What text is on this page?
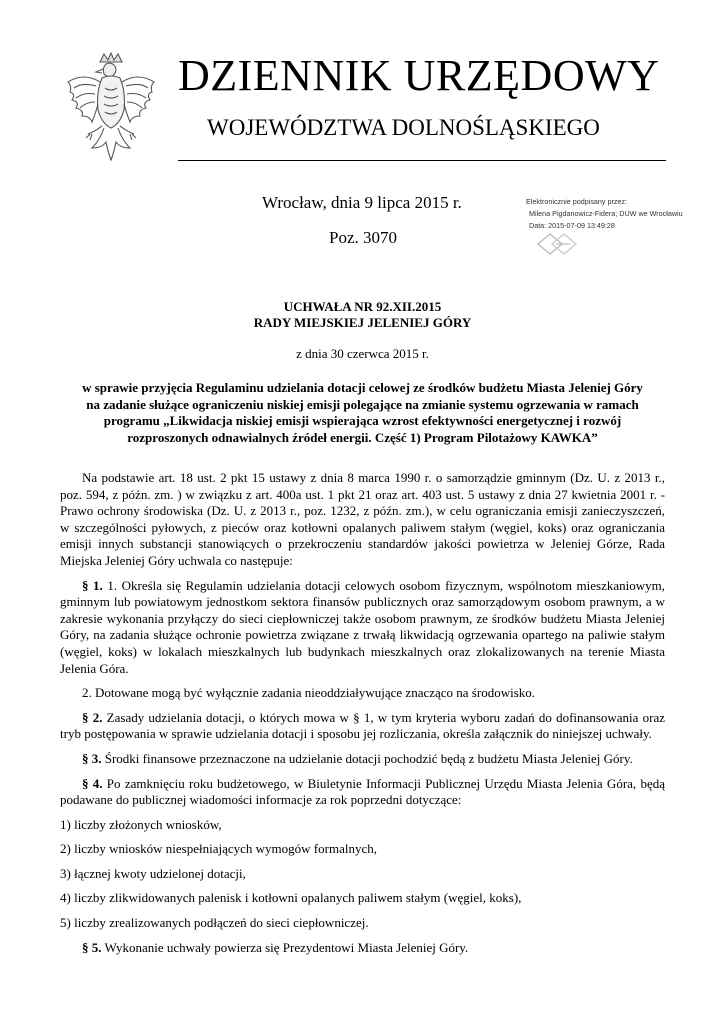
DZIENNIK URZĘDOWY
WOJEWÓDZTWA DOLNOŚLĄSKIEGO
Wrocław, dnia 9 lipca 2015 r.
Poz. 3070
Elektronicznie podpisany przez:
Milena Pigdanowicz-Fidera; DUW we Wrocławiu
Data: 2015-07-09 13:49:28
UCHWAŁA NR 92.XII.2015
RADY MIEJSKIEJ JELENIEJ GÓRY
z dnia 30 czerwca 2015 r.
w sprawie przyjęcia Regulaminu udzielania dotacji celowej ze środków budżetu Miasta Jeleniej Góry na zadanie służące ograniczeniu niskiej emisji polegające na zmianie systemu ogrzewania w ramach programu „Likwidacja niskiej emisji wspierająca wzrost efektywności energetycznej i rozwój rozproszonych odnawialnych źródeł energii. Część 1) Program Pilotażowy KAWKA”

Na podstawie art. 18 ust. 2 pkt 15 ustawy z dnia 8 marca 1990 r. o samorządzie gminnym (Dz. U. z 2013 r., poz. 594, z późn. zm. ) w związku z art. 400a ust. 1 pkt 21 oraz art. 403 ust. 5 ustawy z dnia 27 kwietnia 2001 r. - Prawo ochrony środowiska (Dz. U. z 2013 r., poz. 1232, z późn. zm.), w celu ograniczania emisji zanieczyszczeń, w szczególności pyłowych, z pieców oraz kotłowni opalanych paliwem stałym (węgiel, koks) oraz ograniczania emisji innych substancji stanowiących o przekroczeniu standardów jakości powietrza w Jeleniej Górze, Rada Miejska Jeleniej Góry uchwala co następuje:

§ 1. 1. Określa się Regulamin udzielania dotacji celowych osobom fizycznym, wspólnotom mieszkaniowym, gminnym lub powiatowym jednostkom sektora finansów publicznych oraz samorządowym osobom prawnym, a w zakresie wykonania przyłączy do sieci ciepłowniczej także osobom prawnym, ze środków budżetu Miasta Jeleniej Góry, na zadania służące ochronie powietrza związane z trwałą likwidacją ogrzewania opartego na paliwie stałym (węgiel, koks) w lokalach mieszkalnych lub budynkach mieszkalnych oraz zlokalizowanych na terenie Miasta Jelenia Góra.

2. Dotowane mogą być wyłącznie zadania nieoddziaływujące znacząco na środowisko.

§ 2. Zasady udzielania dotacji, o których mowa w § 1, w tym kryteria wyboru zadań do dofinansowania oraz tryb postępowania w sprawie udzielania dotacji i sposobu jej rozliczania, określa załącznik do niniejszej uchwały.

§ 3. Środki finansowe przeznaczone na udzielanie dotacji pochodzić będą z budżetu Miasta Jeleniej Góry.

§ 4. Po zamknięciu roku budżetowego, w Biuletynie Informacji Publicznej Urzędu Miasta Jelenia Góra, będą podawane do publicznej wiadomości informacje za rok poprzedni dotyczące:

1) liczby złożonych wniosków,

2) liczby wniosków niespełniających wymogów formalnych,

3) łącznej kwoty udzielonej dotacji,

4) liczby zlikwidowanych palenisk i kotłowni opalanych paliwem stałym (węgiel, koks),

5) liczby zrealizowanych podłączeń do sieci ciepłowniczej.

§ 5. Wykonanie uchwały powierza się Prezydentowi Miasta Jeleniej Góry.
